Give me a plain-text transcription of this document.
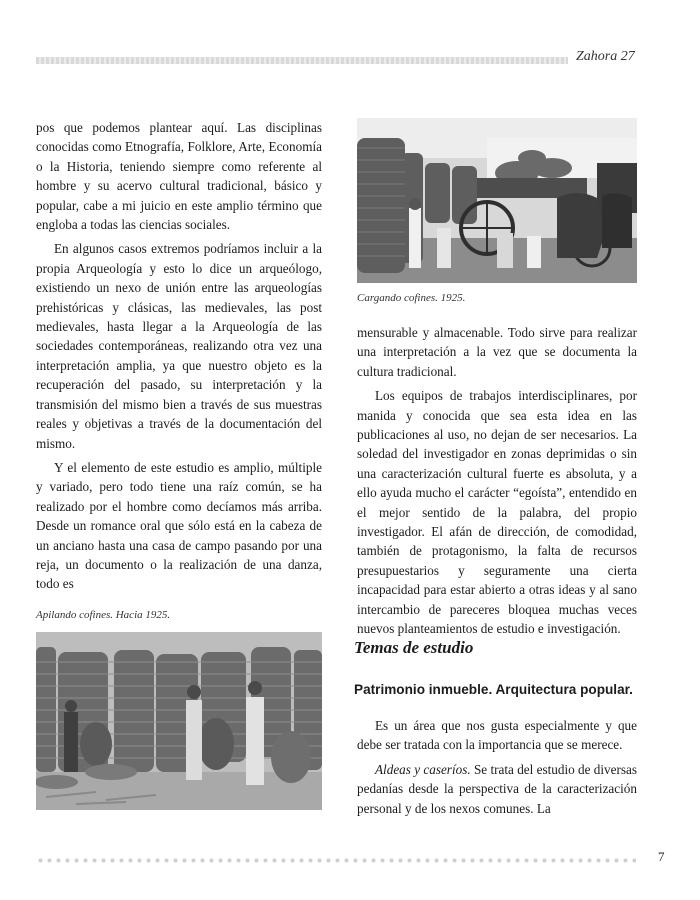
Zahora 27

pos que podemos plantear aquí. Las disciplinas conocidas como Etnografía, Folklore, Arte, Economía o la Historia, teniendo siempre como referente al hombre y su acervo cultural tradicional, básico y popular, cabe a mi juicio en este amplio término que engloba a todas las ciencias sociales.

En algunos casos extremos podríamos incluir a la propia Arqueología y esto lo dice un arqueólogo, existiendo un nexo de unión entre las arqueologías prehistóricas y clásicas, las medievales, las post medievales, hasta llegar a la Arqueología de las sociedades contemporáneas, realizando otra vez una interpretación amplia, ya que nuestro objeto es la recuperación del pasado, su interpretación y la transmisión del mismo bien a través de sus muestras reales y objetivas a través de la documentación del mismo.

Y el elemento de este estudio es amplio, múltiple y variado, pero todo tiene una raíz común, se ha realizado por el hombre como decíamos más arriba. Desde un romance oral que sólo está en la cabeza de un anciano hasta una casa de campo pasando por una reja, un documento o la realización de una danza, todo es

Cargando cofines. 1925.
Apilando cofines. Hacia 1925.

mensurable y almacenable. Todo sirve para realizar una interpretación a la vez que se documenta la cultura tradicional.

Los equipos de trabajos interdisciplinares, por manida y conocida que sea esta idea en las publicaciones al uso, no dejan de ser necesarios. La soledad del investigador en zonas deprimidas o sin una caracterización cultural fuerte es absoluta, y a ello ayuda mucho el carácter “egoísta”, entendido en el mejor sentido de la palabra, del propio investigador. El afán de dirección, de comodidad, también de protagonismo, la falta de recursos presupuestarios y seguramente una cierta incapacidad para estar abierto a otras ideas y al sano intercambio de pareceres bloquea muchas veces nuevos planteamientos de estudio e investigación.

Temas de estudio
Patrimonio inmueble. Arquitectura popular.

Es un área que nos gusta especialmente y que debe ser tratada con la importancia que se merece.

Aldeas y caseríos. Se trata del estudio de diversas pedanías desde la perspectiva de la caracterización personal y de los nexos comunes. La

7
